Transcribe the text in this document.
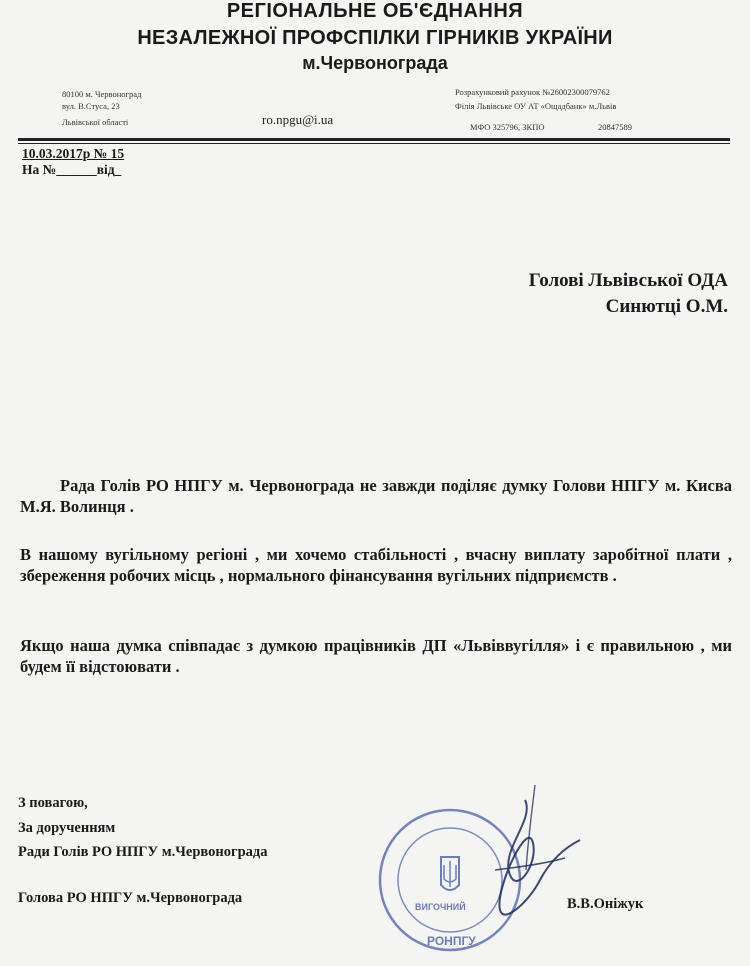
РЕГІОНАЛЬНЕ ОБ'ЄДНАННЯ
НЕЗАЛЕЖНОЇ ПРОФСПІЛКИ ГІРНИКІВ УКРАЇНИ
м.Червонограда
80100 м. Червоноград
вул. В.Стуса, 23
Львівської області	ro.npgu@i.ua
Розрахунковий рахунок №26002300079762
Філія Львівське ОУ АТ «Ощадбанк» м.Львів
МФО 325796, ЗКПО	20847589
10.03.2017р № 15
На №______від_
Голові Львівської ОДА
Синютці О.М.
Рада Голів РО НПГУ м. Червонограда не завжди поділяє думку Голови НПГУ м. Кисва М.Я. Волинця .
В нашому вугільному регіоні , ми хочемо стабільності , вчасну виплату заробітної плати , збереження робочих місць , нормального фінансування вугільних підприємств .
Якщо наша думка співпадає з думкою працівників ДП «Львіввугілля» і є правильною , ми будем її відстоювати .
З повагою,
За дорученням
Ради Голів РО НПГУ м.Червонограда
Голова РО НПГУ м.Червонограда	В.В.Оніжук
ВИГОЧНИЙ
РОНПГУ
